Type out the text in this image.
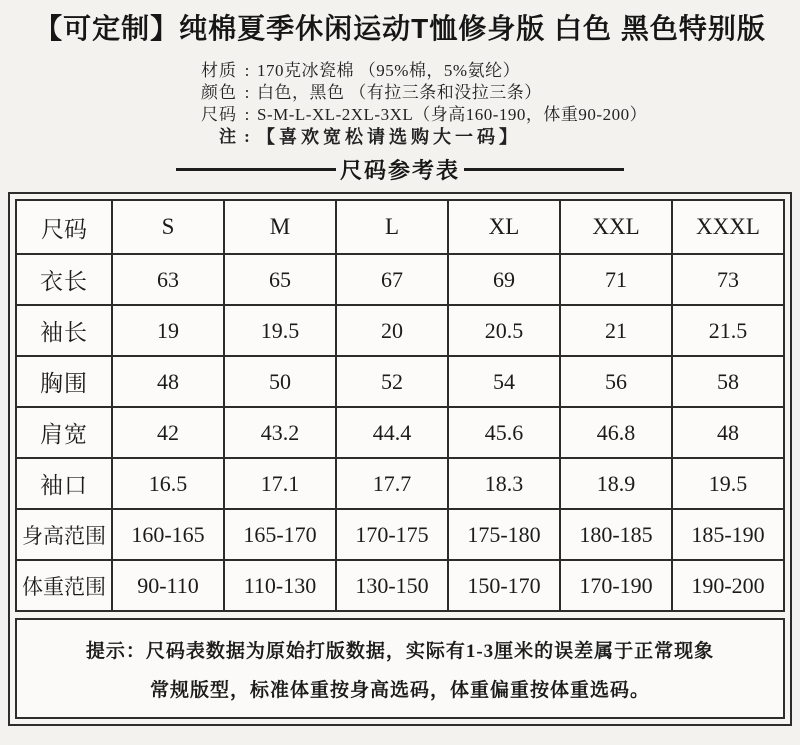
【可定制】纯棉夏季休闲运动T恤修身版 白色 黑色特别版
材质 : 170克冰瓷棉 （95%棉，5%氨纶）
颜色 : 白色，黑色 （有拉三条和没拉三条）
尺码 : S-M-L-XL-2XL-3XL（身高160-190，体重90-200）
注 : 【喜欢宽松请选购大一码】
尺码参考表
尺码	S	M	L	XL	XXL	XXXL
衣长	63	65	67	69	71	73
袖长	19	19.5	20	20.5	21	21.5
胸围	48	50	52	54	56	58
肩宽	42	43.2	44.4	45.6	46.8	48
袖口	16.5	17.1	17.7	18.3	18.9	19.5
身高范围	160-165	165-170	170-175	175-180	180-185	185-190
体重范围	90-110	110-130	130-150	150-170	170-190	190-200

提示：尺码表数据为原始打版数据，实际有1-3厘米的误差属于正常现象

常规版型，标准体重按身高选码，体重偏重按体重选码。
